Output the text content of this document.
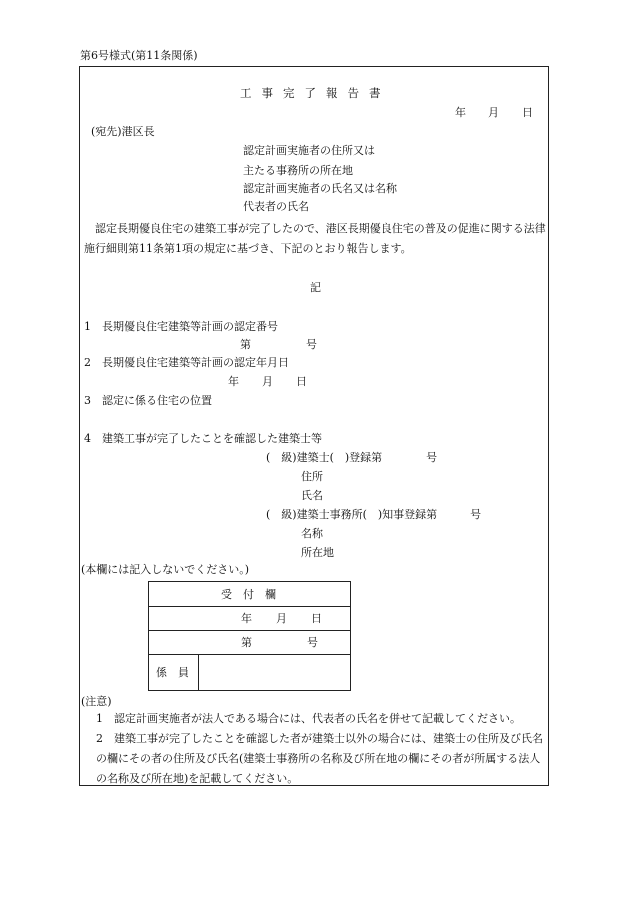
第6号様式(第11条関係)
工事完了報告書
年 月 日
(宛先)港区長
認定計画実施者の住所又は
主たる事務所の所在地
認定計画実施者の氏名又は名称
代表者の氏名
認定長期優良住宅の建築工事が完了したので、港区長期優良住宅の普及の促進に関する法律施行細則第11条第1項の規定に基づき、下記のとおり報告します。
記
1　長期優良住宅建築等計画の認定番号
第　　　　　号
2　長期優良住宅建築等計画の認定年月日
年 月 日
3　認定に係る住宅の位置
4　建築工事が完了したことを確認した建築士等
(　級)建築士(　)登録第　　　　号
住所
氏名
(　級)建築士事務所(　)知事登録第　　　号
名称
所在地
(本欄には記入しないでください。)
受　付　欄
年 月 日
第　　　　　号
係　員
(注意)
1　認定計画実施者が法人である場合には、代表者の氏名を併せて記載してください。
2　建築工事が完了したことを確認した者が建築士以外の場合には、建築士の住所及び氏名の欄にその者の住所及び氏名(建築士事務所の名称及び所在地の欄にその者が所属する法人の名称及び所在地)を記載してください。
